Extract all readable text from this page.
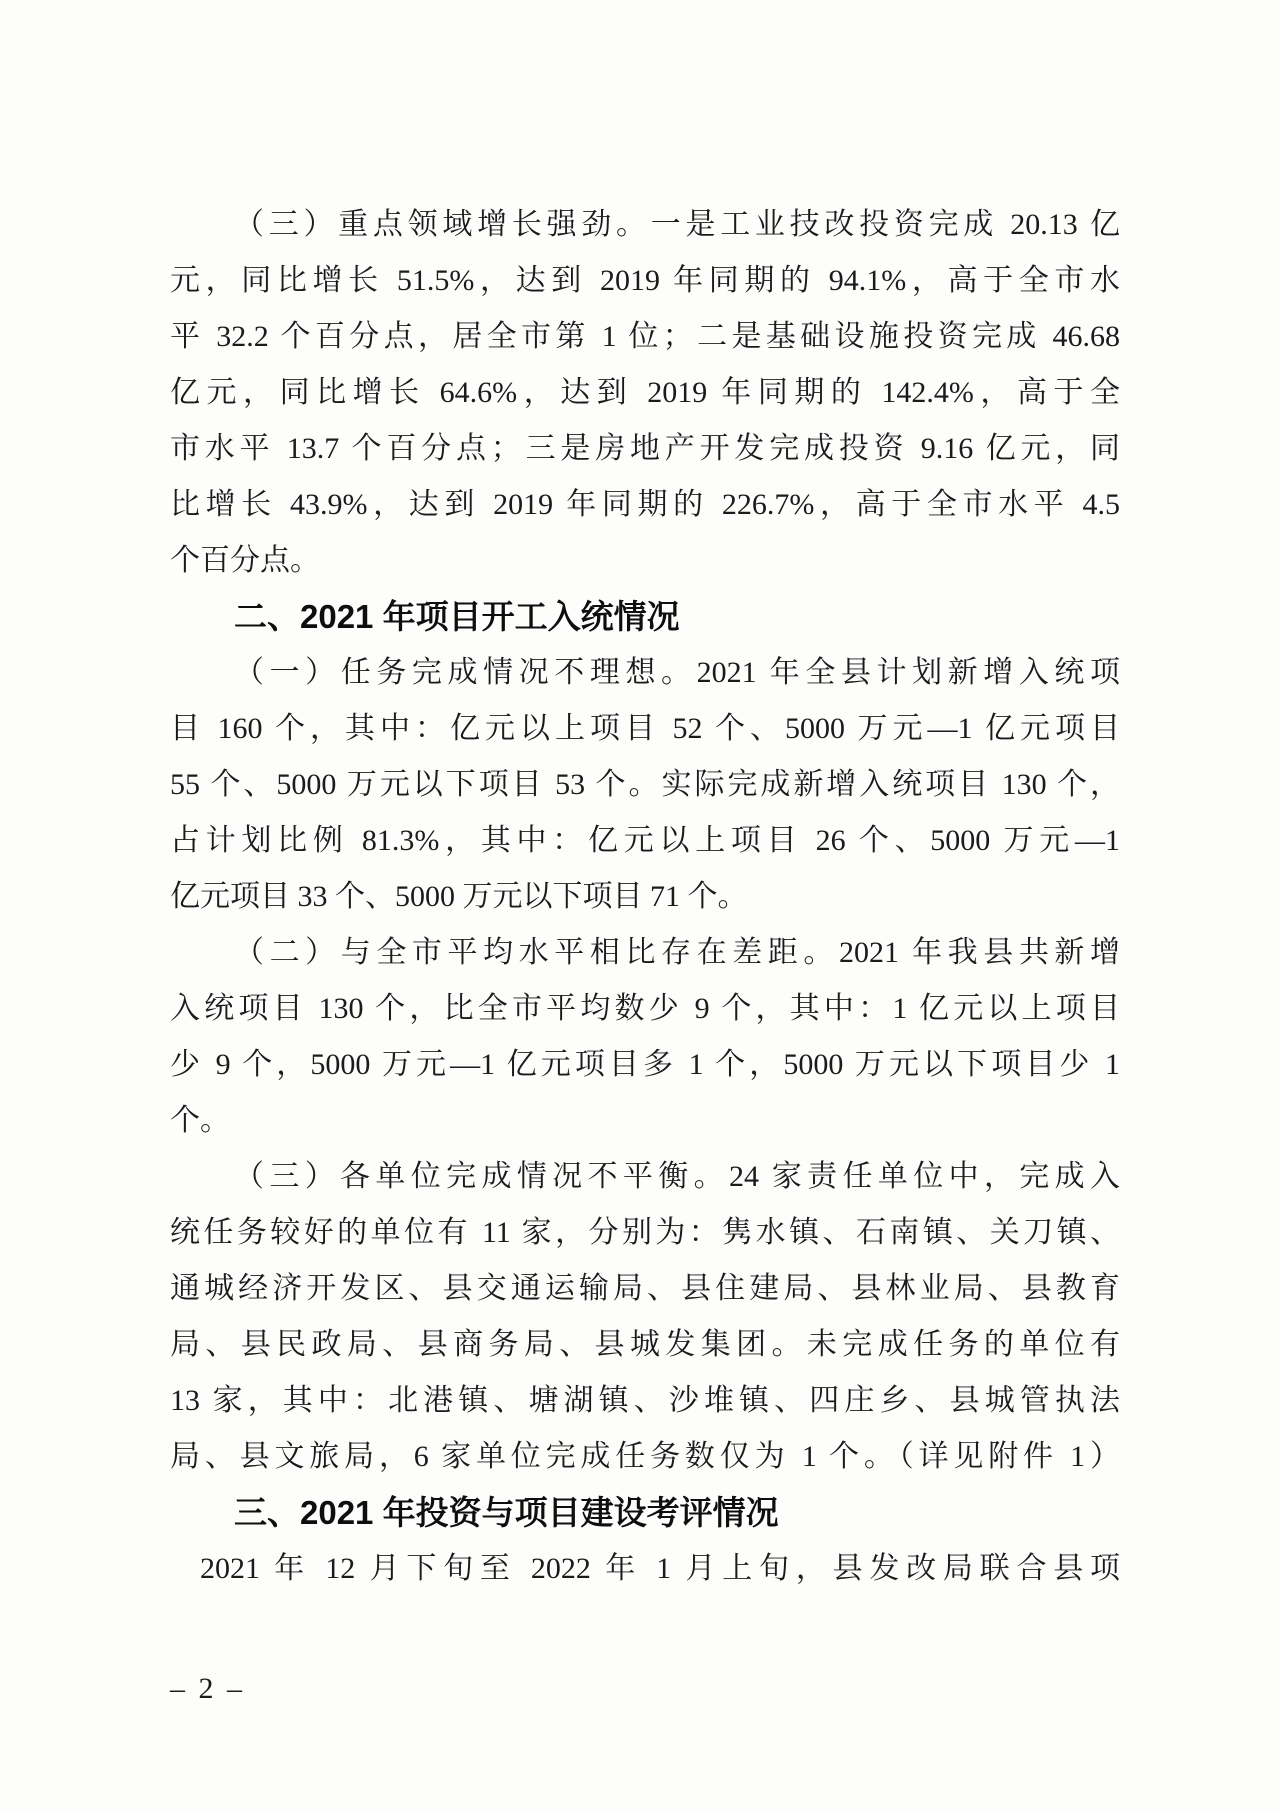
（三）重点领域增长强劲。一是工业技改投资完成 20.13 亿
元，同比增长 51.5%，达到 2019 年同期的 94.1%，高于全市水
平 32.2 个百分点，居全市第 1 位；二是基础设施投资完成 46.68
亿元，同比增长 64.6%，达到 2019 年同期的 142.4%，高于全
市水平 13.7 个百分点；三是房地产开发完成投资 9.16 亿元，同
比增长 43.9%，达到 2019 年同期的 226.7%，高于全市水平 4.5
个百分点。
二、2021 年项目开工入统情况
（一）任务完成情况不理想。2021 年全县计划新增入统项
目 160 个，其中：亿元以上项目 52 个、5000 万元—1 亿元项目
55 个、5000 万元以下项目 53 个。实际完成新增入统项目 130 个，
占计划比例 81.3%，其中：亿元以上项目 26 个、5000 万元—1
亿元项目 33 个、5000 万元以下项目 71 个。
（二）与全市平均水平相比存在差距。2021 年我县共新增
入统项目 130 个，比全市平均数少 9 个，其中：1 亿元以上项目
少 9 个，5000 万元—1 亿元项目多 1 个，5000 万元以下项目少 1
个。
（三）各单位完成情况不平衡。24 家责任单位中，完成入
统任务较好的单位有 11 家，分别为：隽水镇、石南镇、关刀镇、
通城经济开发区、县交通运输局、县住建局、县林业局、县教育
局、县民政局、县商务局、县城发集团。未完成任务的单位有
13 家，其中：北港镇、塘湖镇、沙堆镇、四庄乡、县城管执法
局、县文旅局，6 家单位完成任务数仅为 1 个。（详见附件 1）
三、2021 年投资与项目建设考评情况
2021 年 12 月下旬至 2022 年 1 月上旬，县发改局联合县项
– 2 –
